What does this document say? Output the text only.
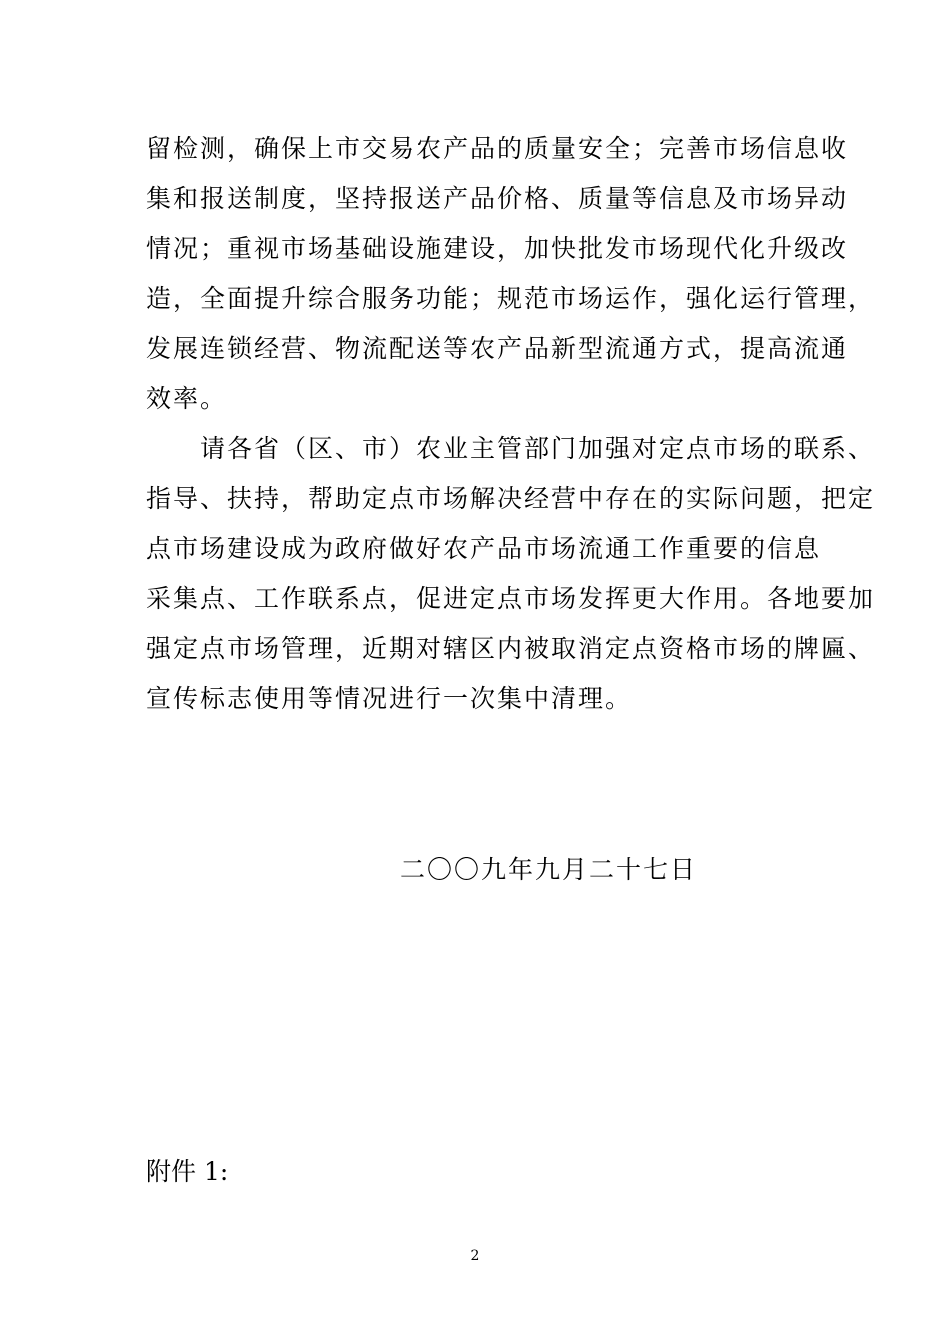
留检测，确保上市交易农产品的质量安全；完善市场信息收
集和报送制度，坚持报送产品价格、质量等信息及市场异动
情况；重视市场基础设施建设，加快批发市场现代化升级改
造，全面提升综合服务功能；规范市场运作，强化运行管理，
发展连锁经营、物流配送等农产品新型流通方式，提高流通
效率。
　　请各省（区、市）农业主管部门加强对定点市场的联系、
指导、扶持，帮助定点市场解决经营中存在的实际问题，把定
点市场建设成为政府做好农产品市场流通工作重要的信息
采集点、工作联系点，促进定点市场发挥更大作用。各地要加
强定点市场管理，近期对辖区内被取消定点资格市场的牌匾、
宣传标志使用等情况进行一次集中清理。
二〇〇九年九月二十七日
附件 1:
2
